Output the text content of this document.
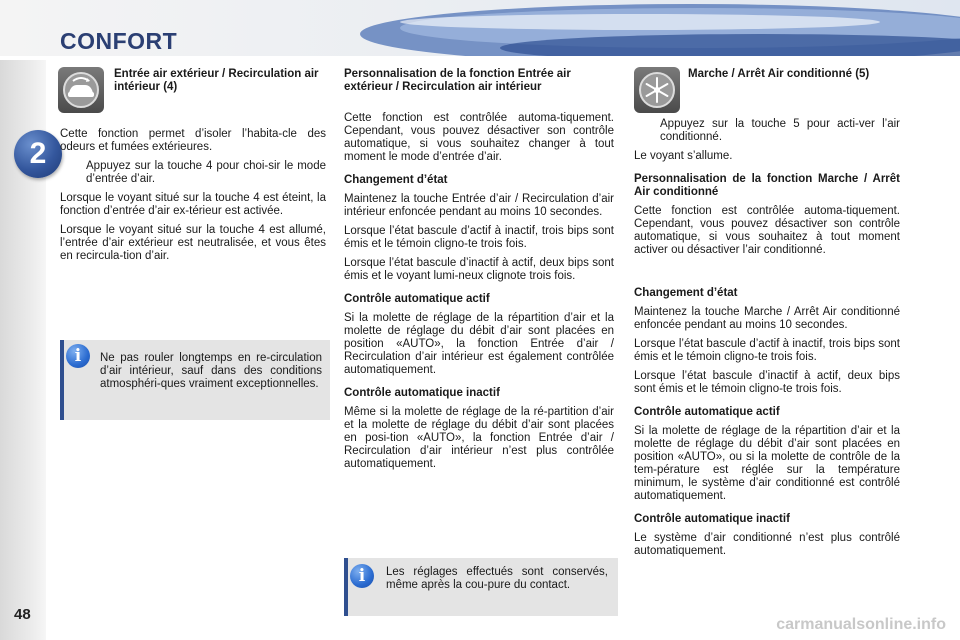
CONFORT
2
48
Entrée air extérieur / Recirculation air intérieur (4)

Cette fonction permet d’isoler l’habita-cle des odeurs et fumées extérieures.

Appuyez sur la touche 4 pour choi-sir le mode d’entrée d’air.

Lorsque le voyant situé sur la touche 4 est éteint, la fonction d’entrée d’air ex-térieur est activée.

Lorsque le voyant situé sur la touche 4 est allumé, l’entrée d’air extérieur est neutralisée, et vous êtes en recircula-tion d’air.

i	Ne pas rouler longtemps en re-circulation d’air intérieur, sauf dans des conditions atmosphéri-ques vraiment exceptionnelles.
Personnalisation de la fonction Entrée air extérieur / Recirculation air intérieur

Cette fonction est contrôlée automa-tiquement. Cependant, vous pouvez désactiver son contrôle automatique, si vous souhaitez changer à tout moment le mode d’entrée d’air.

Changement d’état

Maintenez la touche Entrée d’air / Recirculation d’air intérieur enfoncée pendant au moins 10 secondes.

Lorsque l’état bascule d’actif à inactif, trois bips sont émis et le témoin cligno-te trois fois.

Lorsque l’état bascule d’inactif à actif, deux bips sont émis et le voyant lumi-neux clignote trois fois.

Contrôle automatique actif

Si la molette de réglage de la répartition d’air et la molette de réglage du débit d’air sont placées en position «AUTO», la fonction Entrée d’air / Recirculation d’air intérieur est également contrôlée automatiquement.

Contrôle automatique inactif

Même si la molette de réglage de la ré-partition d’air et la molette de réglage du débit d’air sont placées en posi-tion «AUTO», la fonction Entrée d’air / Recirculation d’air intérieur n’est plus contrôlée automatiquement.

i	Les réglages effectués sont conservés, même après la cou-pure du contact.
Marche / Arrêt Air conditionné (5)
Appuyez sur la touche 5 pour acti-ver l’air conditionné.

Le voyant s’allume.

Personnalisation de la fonction Marche / Arrêt Air conditionné

Cette fonction est contrôlée automa-tiquement. Cependant, vous pouvez désactiver son contrôle automatique, si vous souhaitez à tout moment activer ou désactiver l’air conditionné.

Changement d’état

Maintenez la touche Marche / Arrêt Air conditionné enfoncée pendant au moins 10 secondes.

Lorsque l’état bascule d’actif à inactif, trois bips sont émis et le témoin cligno-te trois fois.

Lorsque l’état bascule d’inactif à actif, deux bips sont émis et le témoin cligno-te trois fois.

Contrôle automatique actif

Si la molette de réglage de la répartition d’air et la molette de réglage du débit d’air sont placées en position «AUTO», ou si la molette de contrôle de la tem-pérature est réglée sur la température minimum, le système d’air conditionné est contrôlé automatiquement.

Contrôle automatique inactif

Le système d’air conditionné n’est plus contrôlé automatiquement.

carmanualsonline.info
